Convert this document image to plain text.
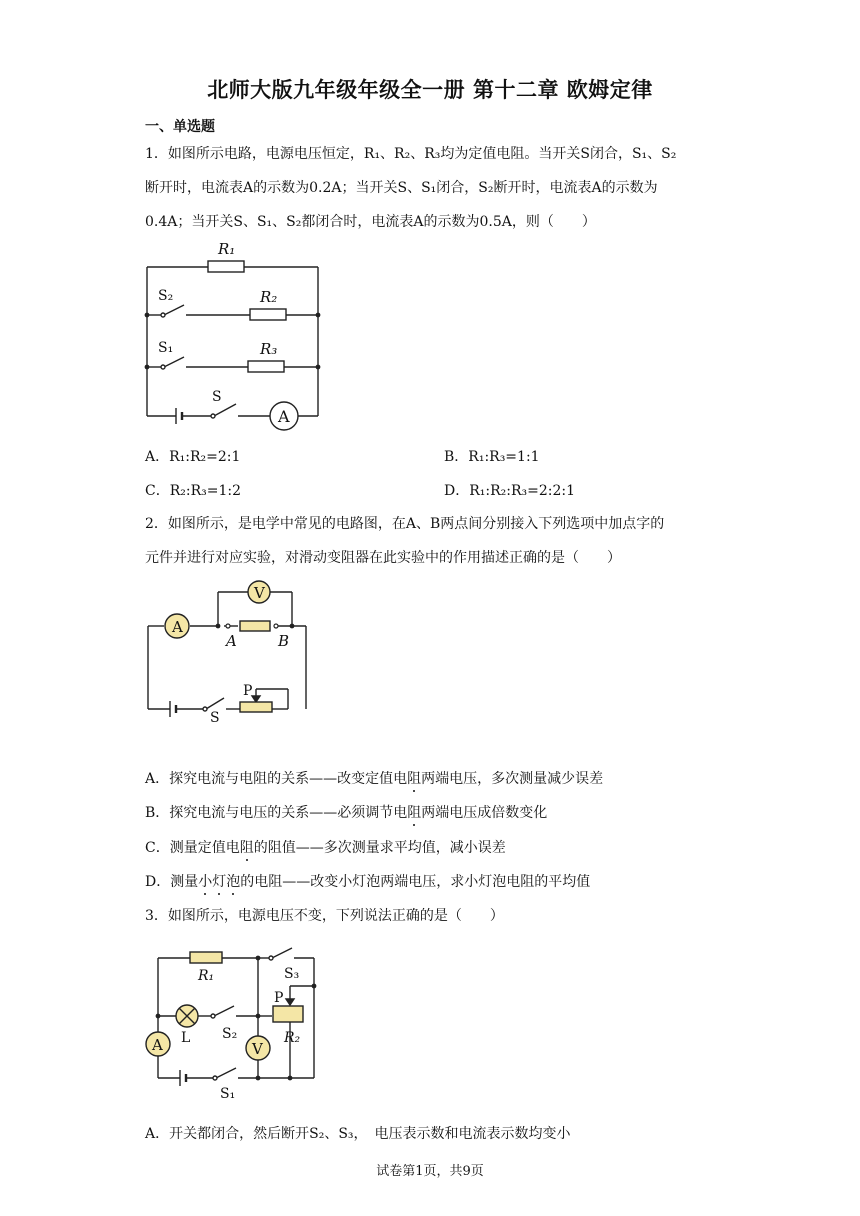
北师大版九年级年级全一册 第十二章 欧姆定律
一、单选题
1．如图所示电路，电源电压恒定，R₁、R₂、R₃均为定值电阻。当开关S闭合，S₁、S₂
断开时，电流表A的示数为0.2A；当开关S、S₁闭合，S₂断开时，电流表A的示数为
0.4A；当开关S、S₁、S₂都闭合时，电流表A的示数为0.5A，则（　　）
R₁
R₂
R₃
S₂
S₁
S
A
A．R₁:R₂=2:1	B．R₁:R₃=1:1
C．R₂:R₃=1:2	D．R₁:R₂:R₃=2:2:1
2．如图所示，是电学中常见的电路图，在A、B两点间分别接入下列选项中加点字的
元件并进行对应实验，对滑动变阻器在此实验中的作用描述正确的是（　　）
A
V
A	B
P
S
A．探究电流与电阻的关系——改变定值电阻两端电压，多次测量减少误差
B．探究电流与电压的关系——必须调节电阻两端电压成倍数变化
C．测量定值电阻的阻值——多次测量求平均值，减小误差
D．测量小灯泡的电阻——改变小灯泡两端电压，求小灯泡电阻的平均值
3．如图所示，电源电压不变，下列说法正确的是（　　）
R₁
R₂
S₃
S₂
S₁
L
P
A	V
A．开关都闭合，然后断开S₂、S₃，　电压表示数和电流表示数均变小
试卷第1页，共9页
